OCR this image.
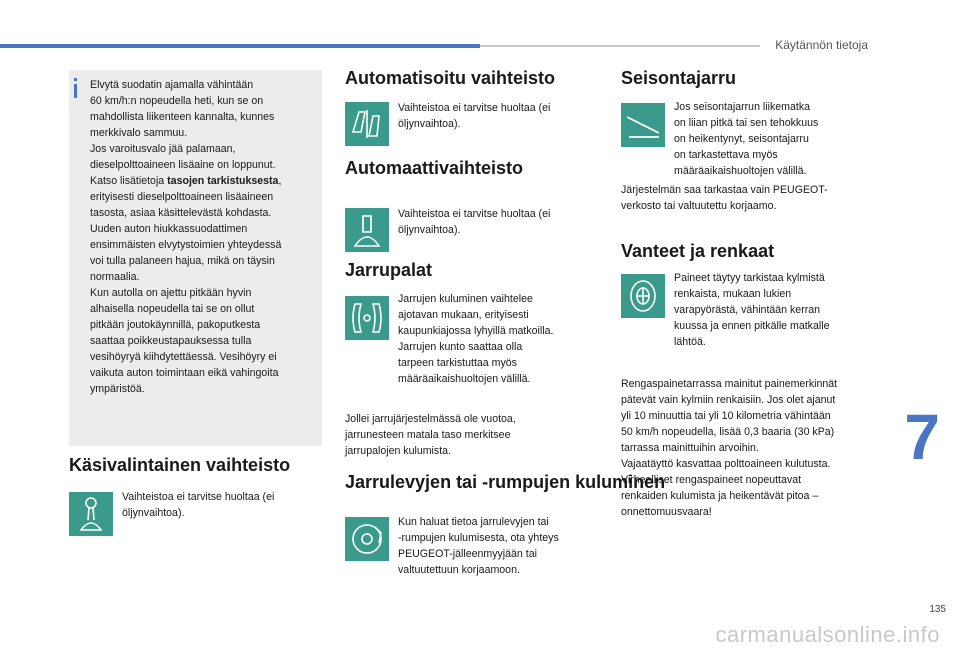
Käytännön tietoja
7
Elvytä suodatin ajamalla vähintään
60 km/h:n nopeudella heti, kun se on
mahdollista liikenteen kannalta, kunnes
merkkivalo sammuu.
Jos varoitusvalo jää palamaan,
dieselpolttoaineen lisäaine on loppunut.
Katso lisätietoja tasojen tarkistuksesta,
erityisesti dieselpolttoaineen lisäaineen
tasosta, asiaa käsittelevästä kohdasta.
Uuden auton hiukkassuodattimen
ensimmäisten elvytystoimien yhteydessä
voi tulla palaneen hajua, mikä on täysin
normaalia.
Kun autolla on ajettu pitkään hyvin
alhaisella nopeudella tai se on ollut
pitkään joutokäynnillä, pakoputkesta
saattaa poikkeustapauksessa tulla
vesihöyryä kiihdytettäessä. Vesihöyry ei
vaikuta auton toimintaan eikä vahingoita
ympäristöä.
Käsivalintainen vaihteisto
Vaihteistoa ei tarvitse huoltaa (ei
öljynvaihtoa).
Automatisoitu vaihteisto
Vaihteistoa ei tarvitse huoltaa (ei
öljynvaihtoa).
Automaattivaihteisto
Vaihteistoa ei tarvitse huoltaa (ei
öljynvaihtoa).
Jarrupalat
Jarrujen kuluminen vaihtelee
ajotavan mukaan, erityisesti
kaupunkiajossa lyhyillä matkoilla.
Jarrujen kunto saattaa olla
tarpeen tarkistuttaa myös
määräaikaishuoltojen välillä.
Jollei jarrujärjestelmässä ole vuotoa,
jarrunesteen matala taso merkitsee
jarrupalojen kulumista.
Jarrulevyjen tai -rumpujen kuluminen
Kun haluat tietoa jarrulevyjen tai
-rumpujen kulumisesta, ota yhteys
PEUGEOT-jälleenmyyjään tai
valtuutettuun korjaamoon.
Seisontajarru
Jos seisontajarrun liikematka
on liian pitkä tai sen tehokkuus
on heikentynyt, seisontajarru
on tarkastettava myös
määräaikaishuoltojen välillä.
Järjestelmän saa tarkastaa vain PEUGEOT-
verkosto tai valtuutettu korjaamo.
Vanteet ja renkaat
Paineet täytyy tarkistaa kylmistä
renkaista, mukaan lukien
varapyörästä, vähintään kerran
kuussa ja ennen pitkälle matkalle
lähtöä.
Rengaspainetarrassa mainitut painemerkinnät
pätevät vain kylmiin renkaisiin. Jos olet ajanut
yli 10 minuuttia tai yli 10 kilometria vähintään
50 km/h nopeudella, lisää 0,3 baaria (30 kPa)
tarrassa mainittuihin arvoihin.
Vajaatäyttö kasvattaa polttoaineen kulutusta.
Virheelliset rengaspaineet nopeuttavat
renkaiden kulumista ja heikentävät pitoa –
onnettomuusvaara!
135
carmanualsonline.info
